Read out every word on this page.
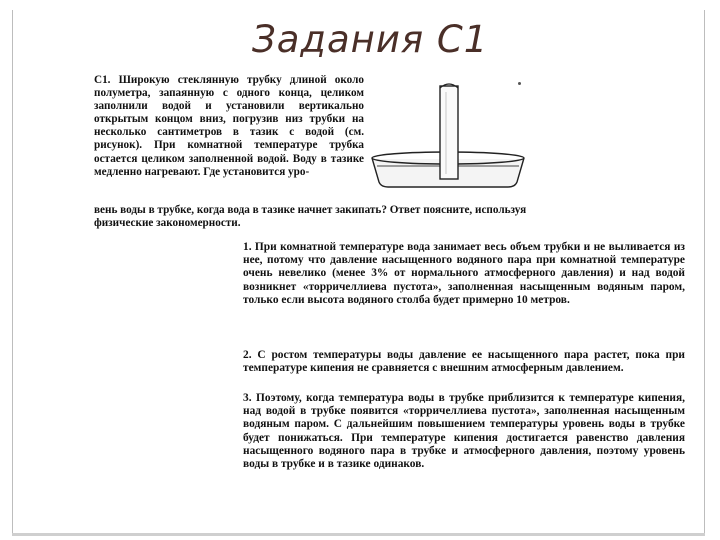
Задания С1

С1. Широкую стеклянную трубку длиной около полуметра, запаянную с одного конца, целиком заполнили водой и установили вертикально открытым концом вниз, погрузив низ трубки на несколько сантиметров в тазик с водой (см. рисунок). При комнатной температуре трубка остается целиком заполненной водой. Воду в тазике медленно нагревают. Где установится уро-

вень воды в трубке, когда вода в тазике начнет закипать? Ответ поясните, используя физические закономерности.

1. При комнатной температуре вода занимает весь объем трубки и не выливается из нее, потому что давление насыщенного водяного пара при комнатной температуре очень невелико (менее 3% от нормального атмосферного давления) и над водой возникнет «торричеллиева пустота», заполненная насыщенным водяным паром, только если высота водяного столба будет примерно 10 метров.

2. С ростом температуры воды давление ее насыщенного пара растет, пока при температуре кипения не сравняется с внешним атмосферным давлением.

3. Поэтому, когда температура воды в трубке приблизится к температуре кипения, над водой в трубке появится «торричеллиева пустота», заполненная насыщенным водяным паром. С дальнейшим повышением температуры уровень воды в трубке будет понижаться. При температуре кипения достигается равенство давления насыщенного водяного пара в трубке и атмосферного давления, поэтому уровень воды в трубке и в тазике одинаков.
